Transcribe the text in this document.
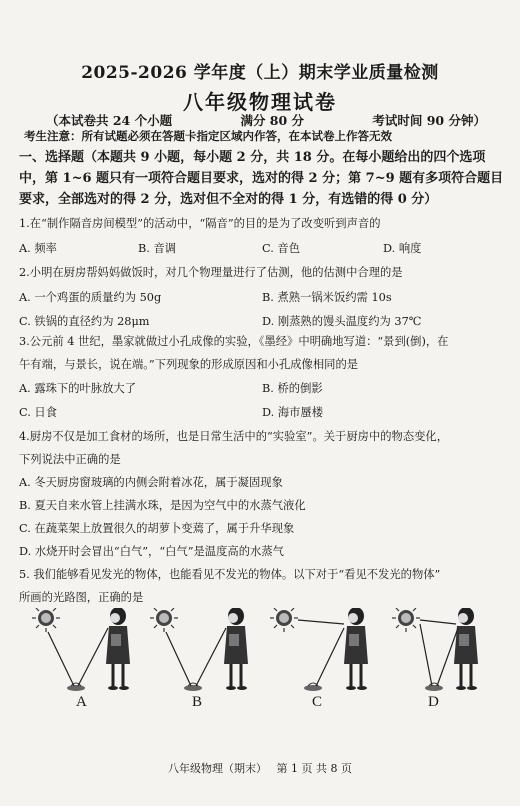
2025-2026 学年度（上）期末学业质量检测
八年级物理试卷
（本试卷共 24 个小题	满分 80 分	考试时间 90 分钟）
考生注意：所有试题必须在答题卡指定区域内作答，在本试卷上作答无效
一、选择题（本题共 9 小题，每小题 2 分，共 18 分。在每小题给出的四个选项中，第 1~6 题只有一项符合题目要求，选对的得 2 分；第 7~9 题有多项符合题目要求，全部选对的得 2 分，选对但不全对的得 1 分，有选错的得 0 分）
1.在“制作隔音房间模型”的活动中，“隔音”的目的是为了改变听到声音的
A. 频率	B. 音调	C. 音色	D. 响度
2.小明在厨房帮妈妈做饭时，对几个物理量进行了估测，他的估测中合理的是
A. 一个鸡蛋的质量约为 50g	B. 煮熟一锅米饭约需 10s
C. 铁锅的直径约为 28μm	D. 刚蒸熟的馒头温度约为 37℃
3.公元前 4 世纪，墨家就做过小孔成像的实验，《墨经》中明确地写道：“景到(倒)，在
午有端，与景长，说在端。”下列现象的形成原因和小孔成像相同的是
A. 露珠下的叶脉放大了	B. 桥的倒影
C. 日食	D. 海市蜃楼
4.厨房不仅是加工食材的场所，也是日常生活中的“实验室”。关于厨房中的物态变化，
下列说法中正确的是
A. 冬天厨房窗玻璃的内侧会附着冰花，属于凝固现象
B. 夏天自来水管上挂满水珠，是因为空气中的水蒸气液化
C. 在蔬菜架上放置很久的胡萝卜变蔫了，属于升华现象
D. 水烧开时会冒出“白气”，“白气”是温度高的水蒸气
5. 我们能够看见发光的物体，也能看见不发光的物体。以下对于“看见不发光的物体”
所画的光路图，正确的是
A	B	C	D
八年级物理（期末） 第 1 页 共 8 页
